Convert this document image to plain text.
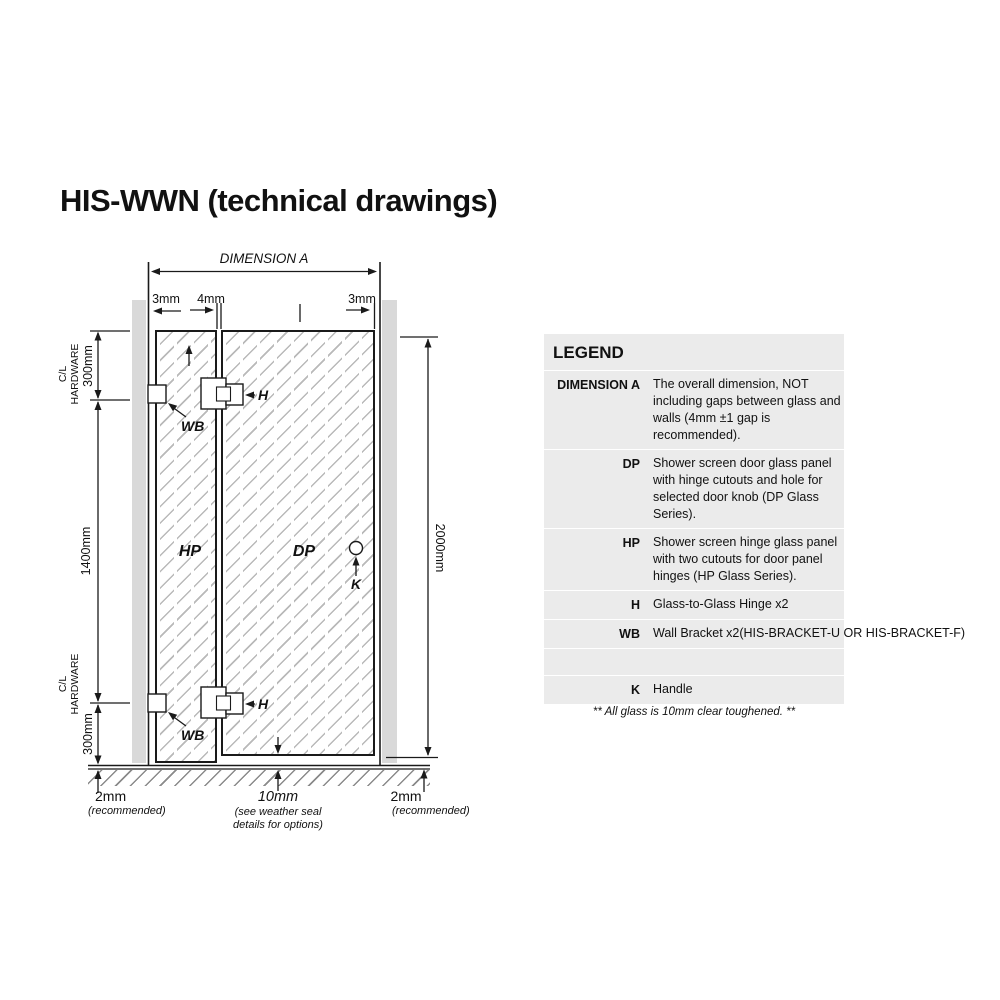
HIS-WWN (technical drawings)
DIMENSION A
3mm 4mm	3mm
C/L HARDWARE 300mm
1400mm
C/L HARDWARE
300mm
2000mm
HP	DP
WB
H
WB
H
K
2mm
(recommended)
10mm
(see weather seal
details for options)
2mm
(recommended)
LEGEND
DIMENSION A The overall dimension, NOT including gaps between glass and walls (4mm ±1 gap is recommended).
DP Shower screen door glass panel with hinge cutouts and hole for selected door knob (DP Glass Series).
HP Shower screen hinge glass panel with two cutouts for door panel hinges (HP Glass Series).
H Glass-to-Glass Hinge x2
WB Wall Bracket x2(HIS-BRACKET-U OR HIS-BRACKET-F)
K Handle
** All glass is 10mm clear toughened. **
